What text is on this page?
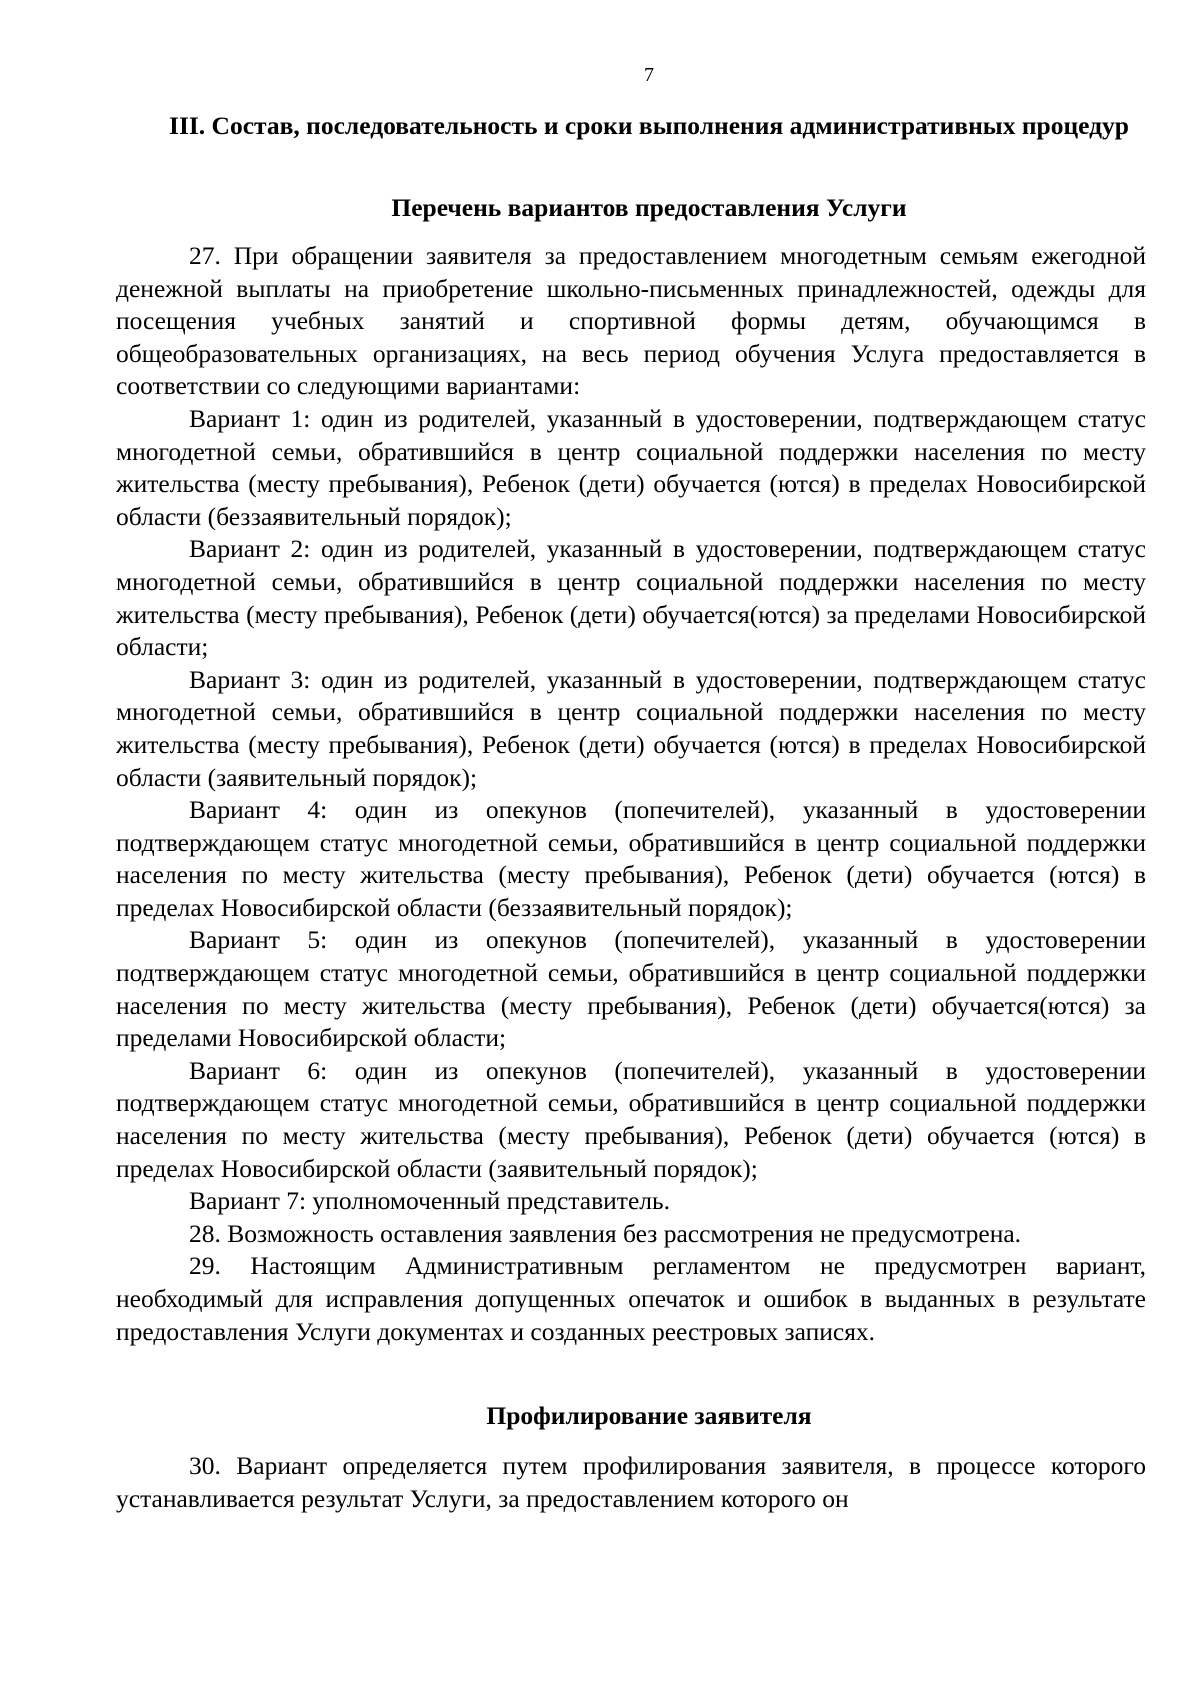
7
III. Состав, последовательность и сроки выполнения административных процедур
Перечень вариантов предоставления Услуги

27. При обращении заявителя за предоставлением многодетным семьям ежегодной денежной выплаты на приобретение школьно-письменных принадлежностей, одежды для посещения учебных занятий и спортивной формы детям, обучающимся в общеобразовательных организациях, на весь период обучения Услуга предоставляется в соответствии со следующими вариантами:

Вариант 1: один из родителей, указанный в удостоверении, подтверждающем статус многодетной семьи, обратившийся в центр социальной поддержки населения по месту жительства (месту пребывания), Ребенок (дети) обучается (ются) в пределах Новосибирской области (беззаявительный порядок);

Вариант 2: один из родителей, указанный в удостоверении, подтверждающем статус многодетной семьи, обратившийся в центр социальной поддержки населения по месту жительства (месту пребывания), Ребенок (дети) обучается(ются) за пределами Новосибирской области;

Вариант 3: один из родителей, указанный в удостоверении, подтверждающем статус многодетной семьи, обратившийся в центр социальной поддержки населения по месту жительства (месту пребывания), Ребенок (дети) обучается (ются) в пределах Новосибирской области (заявительный порядок);

Вариант 4: один из опекунов (попечителей), указанный в удостоверении подтверждающем статус многодетной семьи, обратившийся в центр социальной поддержки населения по месту жительства (месту пребывания), Ребенок (дети) обучается (ются) в пределах Новосибирской области (беззаявительный порядок);

Вариант 5: один из опекунов (попечителей), указанный в удостоверении подтверждающем статус многодетной семьи, обратившийся в центр социальной поддержки населения по месту жительства (месту пребывания), Ребенок (дети) обучается(ются) за пределами Новосибирской области;

Вариант 6: один из опекунов (попечителей), указанный в удостоверении подтверждающем статус многодетной семьи, обратившийся в центр социальной поддержки населения по месту жительства (месту пребывания), Ребенок (дети) обучается (ются) в пределах Новосибирской области (заявительный порядок);

Вариант 7: уполномоченный представитель.

28. Возможность оставления заявления без рассмотрения не предусмотрена.

29. Настоящим Административным регламентом не предусмотрен вариант, необходимый для исправления допущенных опечаток и ошибок в выданных в результате предоставления Услуги документах и созданных реестровых записях.

Профилирование заявителя

30. Вариант определяется путем профилирования заявителя, в процессе которого устанавливается результат Услуги, за предоставлением которого он
